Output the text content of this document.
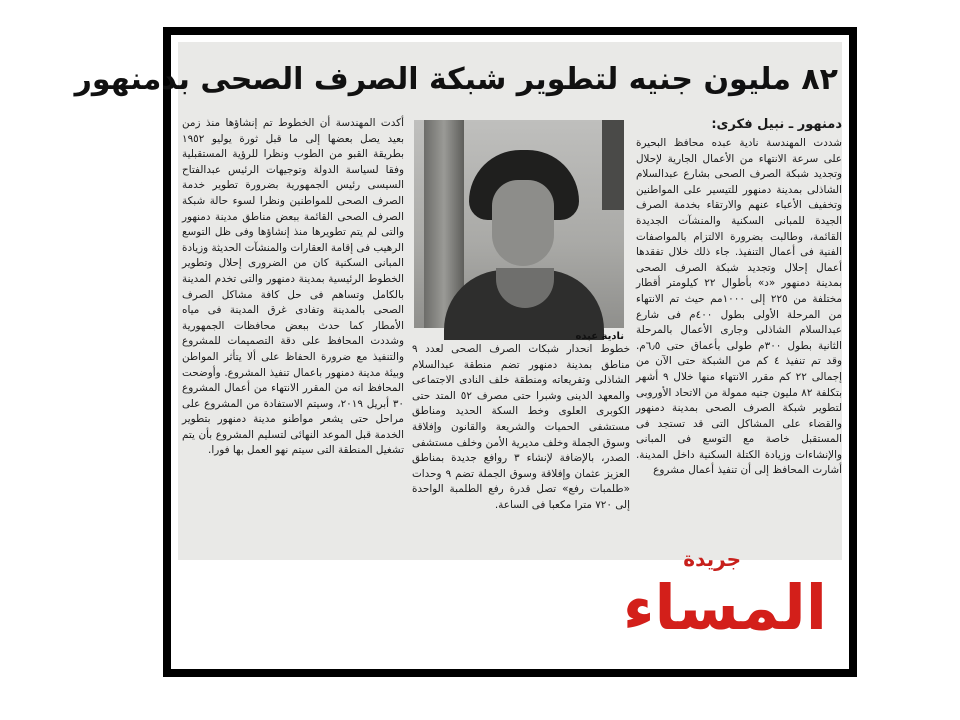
٨٢ مليون جنيه لتطوير شبكة الصرف الصحى بدمنهور

دمنهور ـ نبيل فكرى:

شددت المهندسة نادية عبده محافظ البحيرة على سرعة الانتهاء من الأعمال الجارية لإحلال وتجديد شبكة الصرف الصحى بشارع عبدالسلام الشاذلى بمدينة دمنهور للتيسير على المواطنين وتخفيف الأعباء عنهم والارتقاء بخدمة الصرف الجيدة للمبانى السكنية والمنشآت الجديدة القائمة، وطالبت بضرورة الالتزام بالمواصفات الفنية فى أعمال التنفيذ. جاء ذلك خلال تفقدها أعمال إحلال وتجديد شبكة الصرف الصحى بمدينة دمنهور «د» بأطوال ٢٢ كيلومتر أقطار مختلفة من ٢٢٥ إلى ١٠٠٠مم حيث تم الانتهاء من المرحلة الأولى بطول ٤٠٠م فى شارع عبدالسلام الشاذلى وجارى الأعمال بالمرحلة الثانية بطول ٣٠٠م طولى بأعماق حتى ٦٫٥م. وقد تم تنفيذ ٤ كم من الشبكة حتى الآن من إجمالى ٢٢ كم مقرر الانتهاء منها خلال ٩ أشهر بتكلفة ٨٢ مليون جنيه ممولة من الاتحاد الأوروبى لتطوير شبكة الصرف الصحى بمدينة دمنهور والقضاء على المشاكل التى قد تستجد فى المستقبل خاصة مع التوسع فى المبانى والإنشاءات وزيادة الكتلة السكنية داخل المدينة. أشارت المحافظ إلى أن تنفيذ أعمال مشروع

نادية عبده

خطوط انحدار شبكات الصرف الصحى لعدد ٩ مناطق بمدينة دمنهور تضم منطقة عبدالسلام الشاذلى وتفريعاته ومنطقة خلف النادى الاجتماعى والمعهد الدينى وشبرا حتى مصرف ٥٢ المتد حتى الكوبرى العلوى وخط السكة الحديد ومناطق مستشفى الحميات والشريعة والقانون وإفلاقة وسوق الجملة وخلف مديرية الأمن وخلف مستشفى الصدر، بالإضافة لإنشاء ٣ روافع جديدة بمناطق العزيز عثمان وإفلاقة وسوق الجملة تضم ٩ وحدات «طلمبات رفع» تصل قدرة رفع الطلمبة الواحدة إلى ٧٢٠ مترا مكعبا فى الساعة.

أكدت المهندسة أن الخطوط تم إنشاؤها منذ زمن بعيد يصل بعضها إلى ما قبل ثورة يوليو ١٩٥٢ بطريقة القبو من الطوب ونظرا للرؤية المستقبلية وفقا لسياسة الدولة وتوجيهات الرئيس عبدالفتاح السيسى رئيس الجمهورية بضرورة تطوير خدمة الصرف الصحى للمواطنين ونظرا لسوء حالة شبكة الصرف الصحى القائمة ببعض مناطق مدينة دمنهور والتى لم يتم تطويرها منذ إنشاؤها وفى ظل التوسع الرهيب فى إقامة العقارات والمنشآت الحديثة وزيادة المبانى السكنية كان من الضرورى إحلال وتطوير الخطوط الرئيسية بمدينة دمنهور والتى تخدم المدينة بالكامل وتساهم فى حل كافة مشاكل الصرف الصحى بالمدينة وتفادى غرق المدينة فى مياه الأمطار كما حدث ببعض محافظات الجمهورية وشددت المحافظ على دقة التصميمات للمشروع والتنفيذ مع ضرورة الحفاظ على ألا يتأثر المواطن وبيئة مدينة دمنهور باعمال تنفيذ المشروع. وأوضحت المحافظ انه من المقرر الانتهاء من أعمال المشروع ٣٠ أبريل ٢٠١٩، وسيتم الاستفادة من المشروع على مراحل حتى يشعر مواطنو مدينة دمنهور بتطوير الخدمة قبل الموعد النهائى لتسليم المشروع بأن يتم تشغيل المنطقة التى سيتم نهو العمل بها فورا.

جريدة
المساء
